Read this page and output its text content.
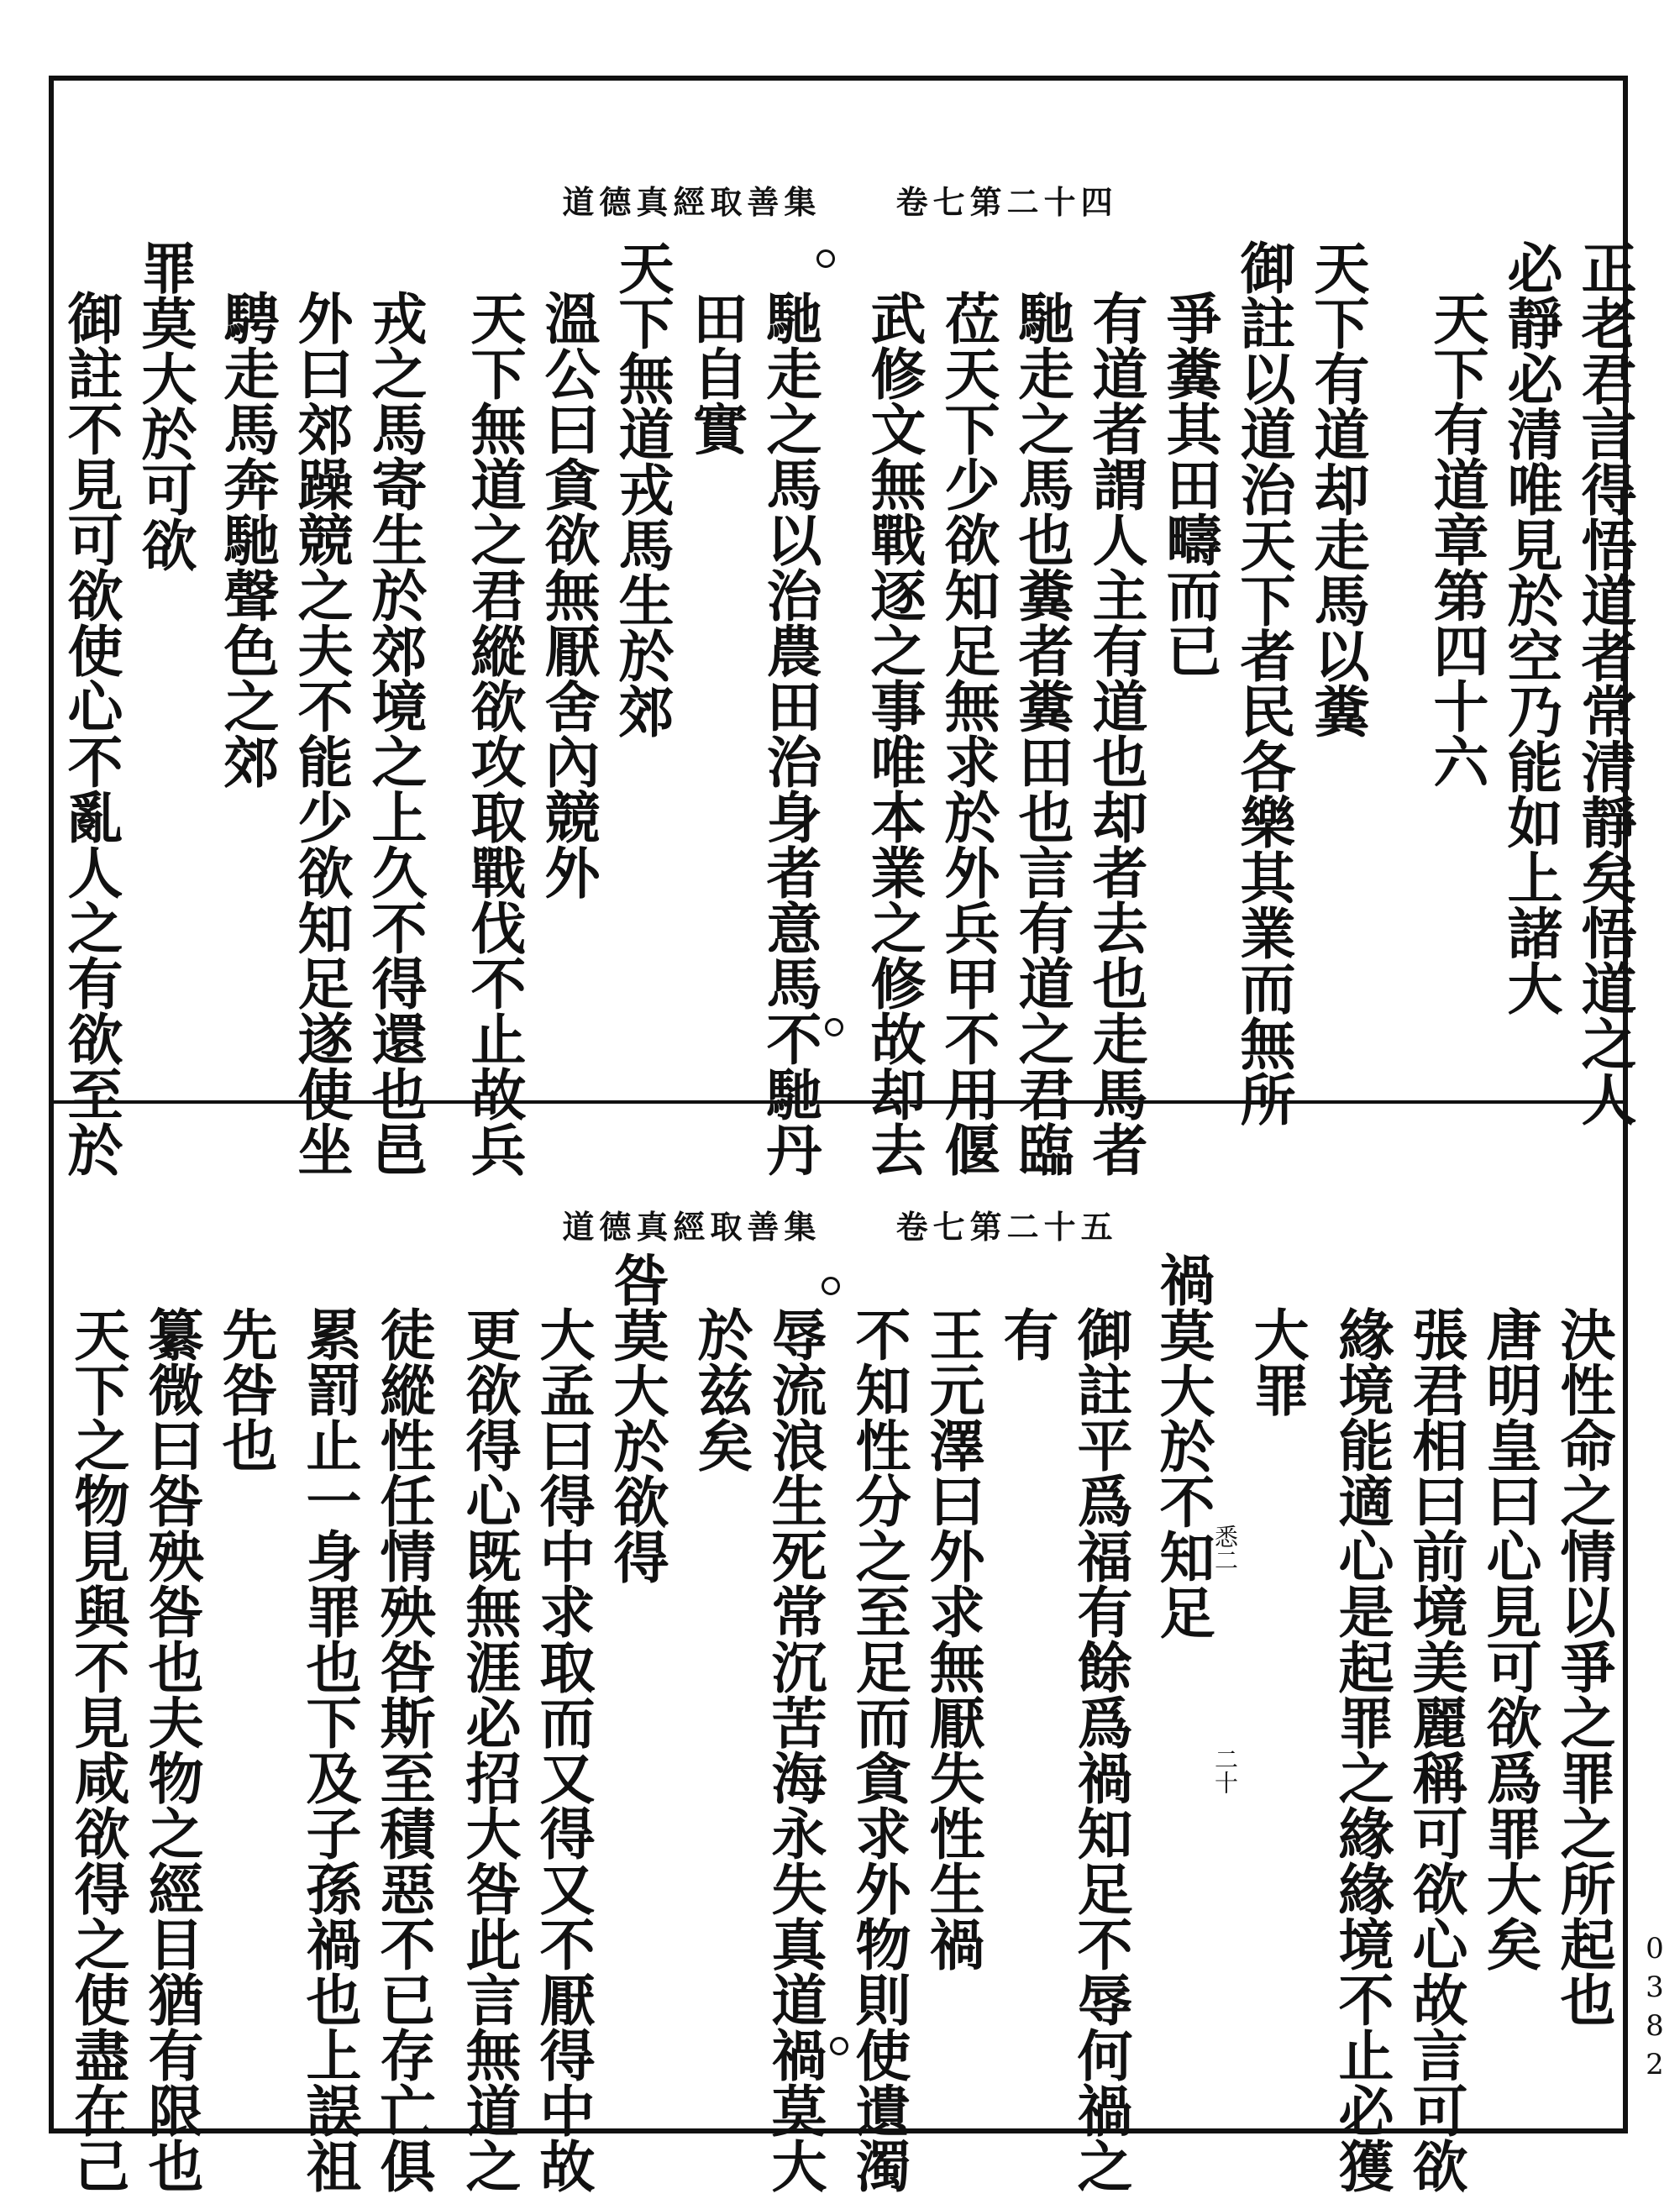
道德真經取善集 卷七第二十四
正老君言得悟道者常清靜矣悟道之人
必靜必清唯見於空乃能如上諸大
天下有道章第四十六
天下有道却走馬以糞
御註以道治天下者民各樂其業而無所
爭糞其田疇而已
有道者謂人主有道也却者去也走馬者
馳走之馬也糞者糞田也言有道之君臨
莅天下少欲知足無求於外兵甲不用偃
武修文無戰逐之事唯本業之修故却去
馳走之馬以治農田治身者意馬不馳丹
田自實
天下無道戎馬生於郊
溫公曰貪欲無厭舍內競外
天下無道之君縱欲攻取戰伐不止故兵
戎之馬寄生於郊境之上久不得還也邑
外曰郊躁競之夫不能少欲知足遂使坐
騁走馬奔馳聲色之郊
罪莫大於可欲
御註不見可欲使心不亂人之有欲至於
道德真經取善集 卷七第二十五
決性命之情以爭之罪之所起也
唐明皇曰心見可欲爲罪大矣
張君相曰前境美麗稱可欲心故言可欲
緣境能適心是起罪之緣緣境不止必獲
大罪
禍莫大於不知足
御註平爲福有餘爲禍知足不辱何禍之
有
王元澤曰外求無厭失性生禍
不知性分之至足而貪求外物則使遺濁
辱流浪生死常沉苦海永失真道禍莫大
於兹矣
咎莫大於欲得
大孟曰得中求取而又得又不厭得中故
更欲得心既無涯必招大咎此言無道之
徒縱性任情殃咎斯至積惡不已存亡俱
累罰止一身罪也下及子孫禍也上誤祖
先咎也
纂微曰咎殃咎也夫物之經目猶有限也
天下之物見與不見咸欲得之使盡在己	悉二
二十
0382
